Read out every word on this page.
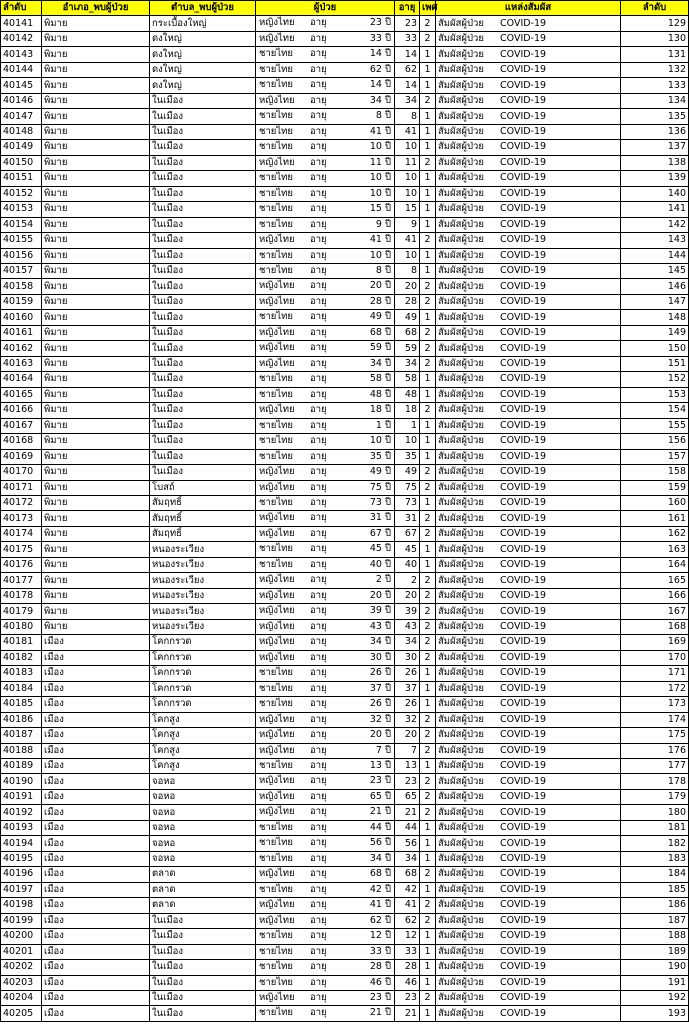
ลำดับ	อำเภอ_พบผู้ป่วย	ตำบล_พบผู้ป่วย	ผู้ป่วย	อายุ	เพศ	แหล่งสัมผัส	ลำดับ
40141	พิมาย	กระเบื้องใหญ่	หญิงไทย อายุ 23 ปี	23	2	สัมผัสผู้ป่วย COVID-19	129
40142	พิมาย	ดงใหญ่	หญิงไทย อายุ 33 ปี	33	2	สัมผัสผู้ป่วย COVID-19	130
40143	พิมาย	ดงใหญ่	ชายไทย อายุ 14 ปี	14	1	สัมผัสผู้ป่วย COVID-19	131
40144	พิมาย	ดงใหญ่	ชายไทย อายุ 62 ปี	62	1	สัมผัสผู้ป่วย COVID-19	132
40145	พิมาย	ดงใหญ่	ชายไทย อายุ 14 ปี	14	1	สัมผัสผู้ป่วย COVID-19	133
40146	พิมาย	ในเมือง	หญิงไทย อายุ 34 ปี	34	2	สัมผัสผู้ป่วย COVID-19	134
40147	พิมาย	ในเมือง	ชายไทย อายุ 8 ปี	8	1	สัมผัสผู้ป่วย COVID-19	135
40148	พิมาย	ในเมือง	ชายไทย อายุ 41 ปี	41	1	สัมผัสผู้ป่วย COVID-19	136
40149	พิมาย	ในเมือง	ชายไทย อายุ 10 ปี	10	1	สัมผัสผู้ป่วย COVID-19	137
40150	พิมาย	ในเมือง	หญิงไทย อายุ 11 ปี	11	2	สัมผัสผู้ป่วย COVID-19	138
40151	พิมาย	ในเมือง	ชายไทย อายุ 10 ปี	10	1	สัมผัสผู้ป่วย COVID-19	139
40152	พิมาย	ในเมือง	ชายไทย อายุ 10 ปี	10	1	สัมผัสผู้ป่วย COVID-19	140
40153	พิมาย	ในเมือง	ชายไทย อายุ 15 ปี	15	1	สัมผัสผู้ป่วย COVID-19	141
40154	พิมาย	ในเมือง	ชายไทย อายุ 9 ปี	9	1	สัมผัสผู้ป่วย COVID-19	142
40155	พิมาย	ในเมือง	หญิงไทย อายุ 41 ปี	41	2	สัมผัสผู้ป่วย COVID-19	143
40156	พิมาย	ในเมือง	ชายไทย อายุ 10 ปี	10	1	สัมผัสผู้ป่วย COVID-19	144
40157	พิมาย	ในเมือง	ชายไทย อายุ 8 ปี	8	1	สัมผัสผู้ป่วย COVID-19	145
40158	พิมาย	ในเมือง	หญิงไทย อายุ 20 ปี	20	2	สัมผัสผู้ป่วย COVID-19	146
40159	พิมาย	ในเมือง	หญิงไทย อายุ 28 ปี	28	2	สัมผัสผู้ป่วย COVID-19	147
40160	พิมาย	ในเมือง	ชายไทย อายุ 49 ปี	49	1	สัมผัสผู้ป่วย COVID-19	148
40161	พิมาย	ในเมือง	หญิงไทย อายุ 68 ปี	68	2	สัมผัสผู้ป่วย COVID-19	149
40162	พิมาย	ในเมือง	หญิงไทย อายุ 59 ปี	59	2	สัมผัสผู้ป่วย COVID-19	150
40163	พิมาย	ในเมือง	หญิงไทย อายุ 34 ปี	34	2	สัมผัสผู้ป่วย COVID-19	151
40164	พิมาย	ในเมือง	ชายไทย อายุ 58 ปี	58	1	สัมผัสผู้ป่วย COVID-19	152
40165	พิมาย	ในเมือง	ชายไทย อายุ 48 ปี	48	1	สัมผัสผู้ป่วย COVID-19	153
40166	พิมาย	ในเมือง	หญิงไทย อายุ 18 ปี	18	2	สัมผัสผู้ป่วย COVID-19	154
40167	พิมาย	ในเมือง	ชายไทย อายุ 1 ปี	1	1	สัมผัสผู้ป่วย COVID-19	155
40168	พิมาย	ในเมือง	ชายไทย อายุ 10 ปี	10	1	สัมผัสผู้ป่วย COVID-19	156
40169	พิมาย	ในเมือง	ชายไทย อายุ 35 ปี	35	1	สัมผัสผู้ป่วย COVID-19	157
40170	พิมาย	ในเมือง	หญิงไทย อายุ 49 ปี	49	2	สัมผัสผู้ป่วย COVID-19	158
40171	พิมาย	โบสถ์	หญิงไทย อายุ 75 ปี	75	2	สัมผัสผู้ป่วย COVID-19	159
40172	พิมาย	สัมฤทธิ์	ชายไทย อายุ 73 ปี	73	1	สัมผัสผู้ป่วย COVID-19	160
40173	พิมาย	สัมฤทธิ์	หญิงไทย อายุ 31 ปี	31	2	สัมผัสผู้ป่วย COVID-19	161
40174	พิมาย	สัมฤทธิ์	หญิงไทย อายุ 67 ปี	67	2	สัมผัสผู้ป่วย COVID-19	162
40175	พิมาย	หนองระเวียง	ชายไทย อายุ 45 ปี	45	1	สัมผัสผู้ป่วย COVID-19	163
40176	พิมาย	หนองระเวียง	ชายไทย อายุ 40 ปี	40	1	สัมผัสผู้ป่วย COVID-19	164
40177	พิมาย	หนองระเวียง	หญิงไทย อายุ 2 ปี	2	2	สัมผัสผู้ป่วย COVID-19	165
40178	พิมาย	หนองระเวียง	หญิงไทย อายุ 20 ปี	20	2	สัมผัสผู้ป่วย COVID-19	166
40179	พิมาย	หนองระเวียง	หญิงไทย อายุ 39 ปี	39	2	สัมผัสผู้ป่วย COVID-19	167
40180	พิมาย	หนองระเวียง	หญิงไทย อายุ 43 ปี	43	2	สัมผัสผู้ป่วย COVID-19	168
40181	เมือง	โคกกรวด	หญิงไทย อายุ 34 ปี	34	2	สัมผัสผู้ป่วย COVID-19	169
40182	เมือง	โคกกรวด	หญิงไทย อายุ 30 ปี	30	2	สัมผัสผู้ป่วย COVID-19	170
40183	เมือง	โคกกรวด	ชายไทย อายุ 26 ปี	26	1	สัมผัสผู้ป่วย COVID-19	171
40184	เมือง	โคกกรวด	ชายไทย อายุ 37 ปี	37	1	สัมผัสผู้ป่วย COVID-19	172
40185	เมือง	โคกกรวด	ชายไทย อายุ 26 ปี	26	1	สัมผัสผู้ป่วย COVID-19	173
40186	เมือง	โคกสูง	หญิงไทย อายุ 32 ปี	32	2	สัมผัสผู้ป่วย COVID-19	174
40187	เมือง	โคกสูง	หญิงไทย อายุ 20 ปี	20	2	สัมผัสผู้ป่วย COVID-19	175
40188	เมือง	โคกสูง	หญิงไทย อายุ 7 ปี	7	2	สัมผัสผู้ป่วย COVID-19	176
40189	เมือง	โคกสูง	ชายไทย อายุ 13 ปี	13	1	สัมผัสผู้ป่วย COVID-19	177
40190	เมือง	จอหอ	หญิงไทย อายุ 23 ปี	23	2	สัมผัสผู้ป่วย COVID-19	178
40191	เมือง	จอหอ	หญิงไทย อายุ 65 ปี	65	2	สัมผัสผู้ป่วย COVID-19	179
40192	เมือง	จอหอ	หญิงไทย อายุ 21 ปี	21	2	สัมผัสผู้ป่วย COVID-19	180
40193	เมือง	จอหอ	ชายไทย อายุ 44 ปี	44	1	สัมผัสผู้ป่วย COVID-19	181
40194	เมือง	จอหอ	ชายไทย อายุ 56 ปี	56	1	สัมผัสผู้ป่วย COVID-19	182
40195	เมือง	จอหอ	ชายไทย อายุ 34 ปี	34	1	สัมผัสผู้ป่วย COVID-19	183
40196	เมือง	ตลาด	หญิงไทย อายุ 68 ปี	68	2	สัมผัสผู้ป่วย COVID-19	184
40197	เมือง	ตลาด	ชายไทย อายุ 42 ปี	42	1	สัมผัสผู้ป่วย COVID-19	185
40198	เมือง	ตลาด	หญิงไทย อายุ 41 ปี	41	2	สัมผัสผู้ป่วย COVID-19	186
40199	เมือง	ในเมือง	หญิงไทย อายุ 62 ปี	62	2	สัมผัสผู้ป่วย COVID-19	187
40200	เมือง	ในเมือง	ชายไทย อายุ 12 ปี	12	1	สัมผัสผู้ป่วย COVID-19	188
40201	เมือง	ในเมือง	ชายไทย อายุ 33 ปี	33	1	สัมผัสผู้ป่วย COVID-19	189
40202	เมือง	ในเมือง	ชายไทย อายุ 28 ปี	28	1	สัมผัสผู้ป่วย COVID-19	190
40203	เมือง	ในเมือง	ชายไทย อายุ 46 ปี	46	1	สัมผัสผู้ป่วย COVID-19	191
40204	เมือง	ในเมือง	หญิงไทย อายุ 23 ปี	23	2	สัมผัสผู้ป่วย COVID-19	192
40205	เมือง	ในเมือง	ชายไทย อายุ 21 ปี	21	1	สัมผัสผู้ป่วย COVID-19	193
